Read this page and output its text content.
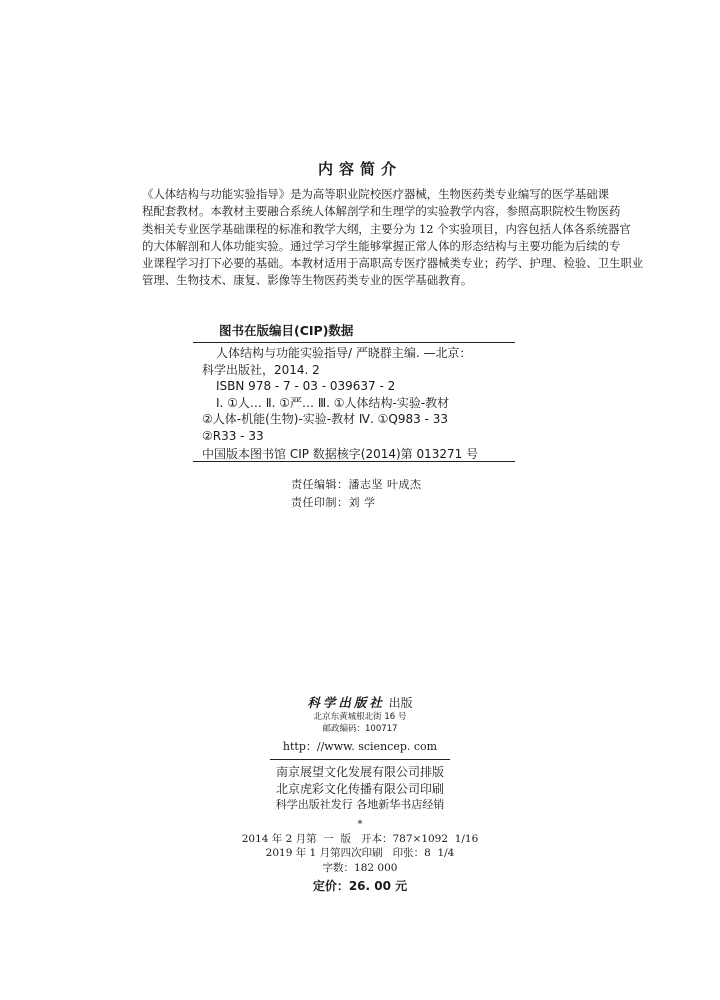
内容简介
《人体结构与功能实验指导》是为高等职业院校医疗器械，生物医药类专业编写的医学基础课
程配套教材。本教材主要融合系统人体解剖学和生理学的实验教学内容，参照高职院校生物医药
类相关专业医学基础课程的标准和教学大纲，主要分为 12 个实验项目，内容包括人体各系统器官
的大体解剖和人体功能实验。通过学习学生能够掌握正常人体的形态结构与主要功能为后续的专
业课程学习打下必要的基础。本教材适用于高职高专医疗器械类专业；药学、护理、检验、卫生职业
管理、生物技术、康复、影像等生物医药类专业的医学基础教育。
图书在版编目(CIP)数据
人体结构与功能实验指导/ 严晓群主编. —北京：
科学出版社，2014. 2
ISBN 978 - 7 - 03 - 039637 - 2
Ⅰ. ①人… Ⅱ. ①严… Ⅲ. ①人体结构-实验-教材
②人体-机能(生物)-实验-教材 Ⅳ. ①Q983 - 33
②R33 - 33
中国版本图书馆 CIP 数据核字(2014)第 013271 号
责任编辑：潘志坚 叶成杰
责任印制：刘 学
科学出版社 出版
北京东黄城根北街 16 号
邮政编码：100717
http：//www. sciencep. com
南京展望文化发展有限公司排版
北京虎彩文化传播有限公司印刷
科学出版社发行 各地新华书店经销
*
2014 年 2 月第  一  版   开本：787×1092  1/16
2019 年 1 月第四次印刷   印张：8  1/4
字数：182 000
定价：26. 00 元
